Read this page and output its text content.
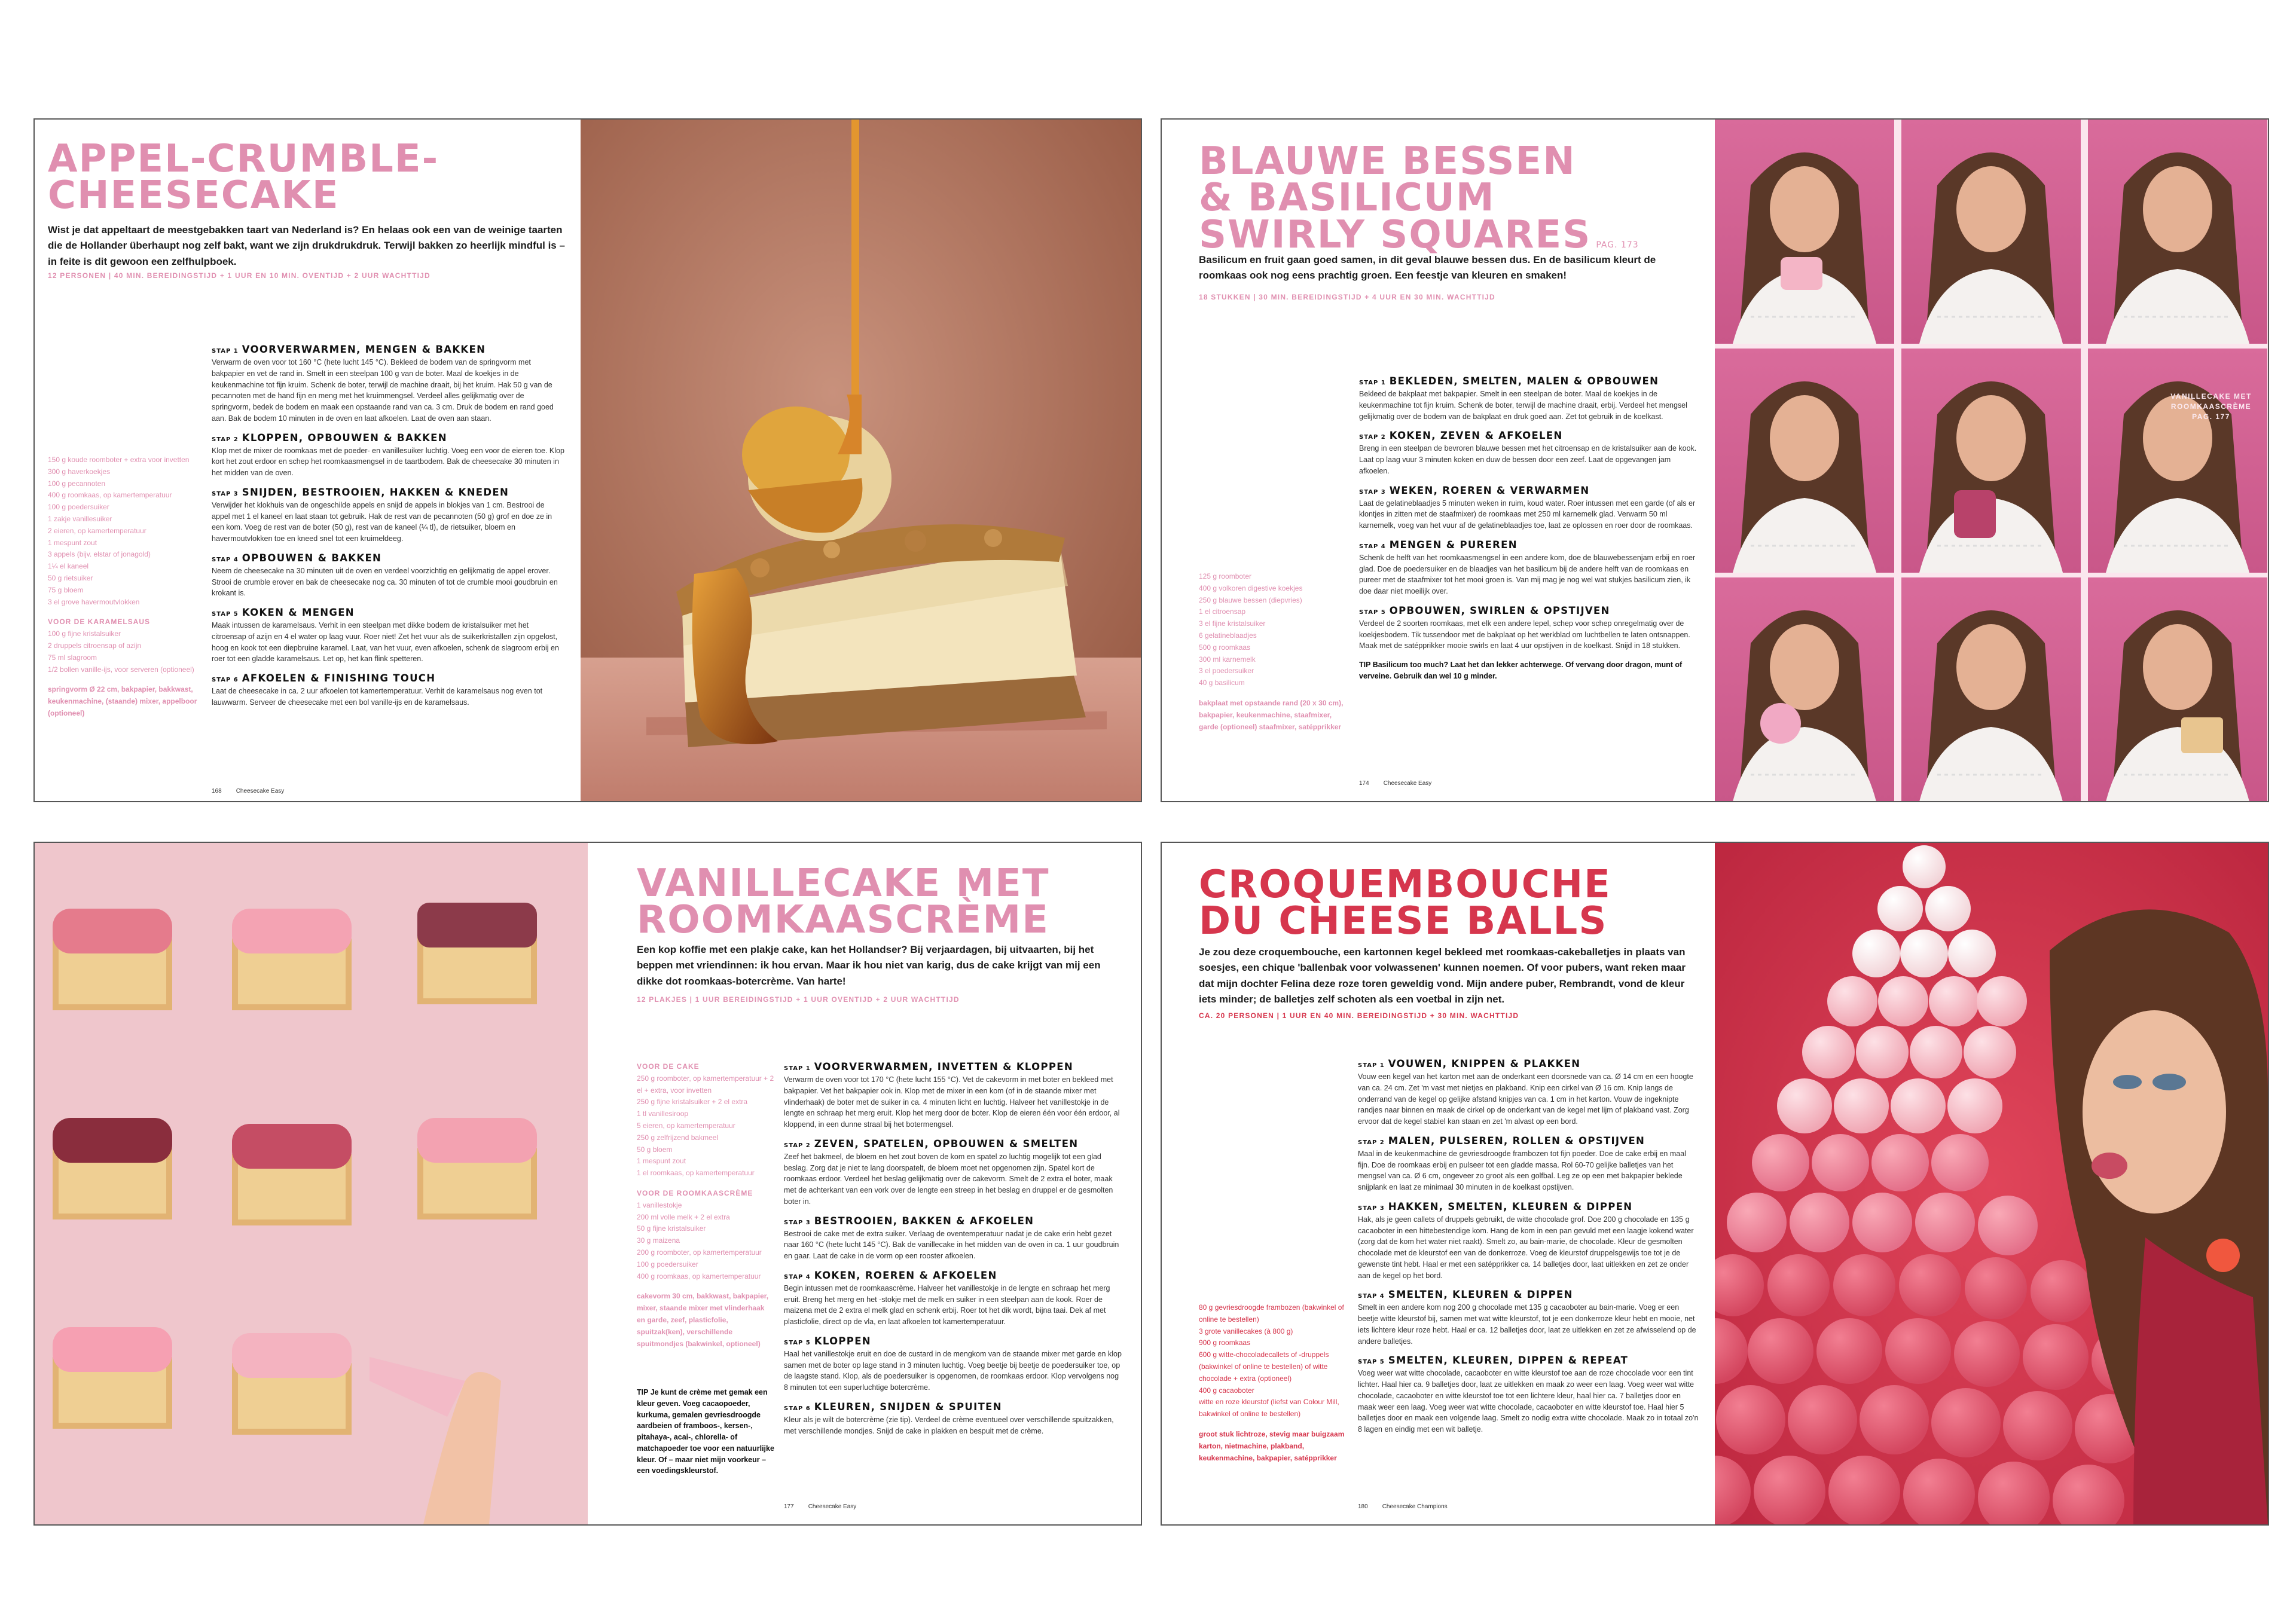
APPEL-CRUMBLE-
CHEESECAKE

Wist je dat appeltaart de meestgebakken taart van Nederland is? En helaas ook een van de weinige taarten die de Hollander überhaupt nog zelf bakt, want we zijn drukdrukdruk. Terwijl bakken zo heerlijk mindful is – in feite is dit gewoon een zelfhulpboek.

12 PERSONEN | 40 MIN. BEREIDINGSTIJD + 1 UUR EN 10 MIN. OVENTIJD + 2 UUR WACHTTIJD
150 g koude roomboter + extra voor invetten
300 g haverkoekjes
100 g pecannoten
400 g roomkaas, op kamertemperatuur
100 g poedersuiker
1 zakje vanillesuiker
2 eieren, op kamertemperatuur
1 mespunt zout
3 appels (bijv. elstar of jonagold)
1¼ el kaneel
50 g rietsuiker
75 g bloem
3 el grove havermoutvlokken
VOOR DE KARAMELSAUS
100 g fijne kristalsuiker
2 druppels citroensap of azijn
75 ml slagroom
1/2 bollen vanille-ijs, voor serveren (optioneel)
springvorm Ø 22 cm, bakpapier, bakkwast, keukenmachine, (staande) mixer, appelboor (optioneel)
STAP 1 VOORVERWARMEN, MENGEN & BAKKEN
Verwarm de oven voor tot 160 °C (hete lucht 145 °C). Bekleed de bodem van de springvorm met bakpapier en vet de rand in. Smelt in een steelpan 100 g van de boter. Maal de koekjes in de keukenmachine tot fijn kruim. Schenk de boter, terwijl de machine draait, bij het kruim. Hak 50 g van de pecannoten met de hand fijn en meng met het kruimmengsel. Verdeel alles gelijkmatig over de springvorm, bedek de bodem en maak een opstaande rand van ca. 3 cm. Druk de bodem en rand goed aan. Bak de bodem 10 minuten in de oven en laat afkoelen. Laat de oven aan staan.
STAP 2 KLOPPEN, OPBOUWEN & BAKKEN
Klop met de mixer de roomkaas met de poeder- en vanillesuiker luchtig. Voeg een voor de eieren toe. Klop kort het zout erdoor en schep het roomkaasmengsel in de taartbodem. Bak de cheesecake 30 minuten in het midden van de oven.
STAP 3 SNIJDEN, BESTROOIEN, HAKKEN & KNEDEN
Verwijder het klokhuis van de ongeschilde appels en snijd de appels in blokjes van 1 cm. Bestrooi de appel met 1 el kaneel en laat staan tot gebruik. Hak de rest van de pecannoten (50 g) grof en doe ze in een kom. Voeg de rest van de boter (50 g), rest van de kaneel (¼ tl), de rietsuiker, bloem en havermoutvlokken toe en kneed snel tot een kruimeldeeg.
STAP 4 OPBOUWEN & BAKKEN
Neem de cheesecake na 30 minuten uit de oven en verdeel voorzichtig en gelijkmatig de appel erover. Strooi de crumble erover en bak de cheesecake nog ca. 30 minuten of tot de crumble mooi goudbruin en krokant is.
STAP 5 KOKEN & MENGEN
Maak intussen de karamelsaus. Verhit in een steelpan met dikke bodem de kristalsuiker met het citroensap of azijn en 4 el water op laag vuur. Roer niet! Zet het vuur als de suikerkristallen zijn opgelost, hoog en kook tot een diepbruine karamel. Laat, van het vuur, even afkoelen, schenk de slagroom erbij en roer tot een gladde karamelsaus. Let op, het kan flink spetteren.
STAP 6 AFKOELEN & FINISHING TOUCH
Laat de cheesecake in ca. 2 uur afkoelen tot kamertemperatuur. Verhit de karamelsaus nog even tot lauwwarm. Serveer de cheesecake met een bol vanille-ijs en de karamelsaus.
168 Cheesecake Easy
BLAUWE BESSEN
& BASILICUM
SWIRLY SQUARES PAG. 173

Basilicum en fruit gaan goed samen, in dit geval blauwe bessen dus. En de basilicum kleurt de roomkaas ook nog eens prachtig groen. Een feestje van kleuren en smaken!

18 STUKKEN | 30 MIN. BEREIDINGSTIJD + 4 UUR EN 30 MIN. WACHTTIJD
125 g roomboter
400 g volkoren digestive koekjes
250 g blauwe bessen (diepvries)
1 el citroensap
3 el fijne kristalsuiker
6 gelatineblaadjes
500 g roomkaas
300 ml karnemelk
3 el poedersuiker
40 g basilicum
bakplaat met opstaande rand (20 x 30 cm), bakpapier, keukenmachine, staafmixer, garde (optioneel) staafmixer, satépprikker
STAP 1 BEKLEDEN, SMELTEN, MALEN & OPBOUWEN
Bekleed de bakplaat met bakpapier. Smelt in een steelpan de boter. Maal de koekjes in de keukenmachine tot fijn kruim. Schenk de boter, terwijl de machine draait, erbij. Verdeel het mengsel gelijkmatig over de bodem van de bakplaat en druk goed aan. Zet tot gebruik in de koelkast.
STAP 2 KOKEN, ZEVEN & AFKOELEN
Breng in een steelpan de bevroren blauwe bessen met het citroensap en de kristalsuiker aan de kook. Laat op laag vuur 3 minuten koken en duw de bessen door een zeef. Laat de opgevangen jam afkoelen.
STAP 3 WEKEN, ROEREN & VERWARMEN
Laat de gelatineblaadjes 5 minuten weken in ruim, koud water. Roer intussen met een garde (of als er klontjes in zitten met de staafmixer) de roomkaas met 250 ml karnemelk glad. Verwarm 50 ml karnemelk, voeg van het vuur af de gelatineblaadjes toe, laat ze oplossen en roer door de roomkaas.
STAP 4 MENGEN & PUREREN
Schenk de helft van het roomkaasmengsel in een andere kom, doe de blauwebessenjam erbij en roer glad. Doe de poedersuiker en de blaadjes van het basilicum bij de andere helft van de roomkaas en pureer met de staafmixer tot het mooi groen is. Van mij mag je nog wel wat stukjes basilicum zien, ik doe daar niet moeilijk over.
STAP 5 OPBOUWEN, SWIRLEN & OPSTIJVEN
Verdeel de 2 soorten roomkaas, met elk een andere lepel, schep voor schep onregelmatig over de koekjesbodem. Tik tussendoor met de bakplaat op het werkblad om luchtbellen te laten ontsnappen. Maak met de satépprikker mooie swirls en laat 4 uur opstijven in de koelkast. Snijd in 18 stukken.
TIP Basilicum too much? Laat het dan lekker achterwege. Of vervang door dragon, munt of verveine. Gebruik dan wel 10 g minder.
174 Cheesecake Easy
VANILLECAKE MET
ROOMKAASCRÈME
PAG. 177
VANILLECAKE MET
ROOMKAASCRÈME

Een kop koffie met een plakje cake, kan het Hollandser? Bij verjaardagen, bij uitvaarten, bij het beppen met vriendinnen: ik hou ervan. Maar ik hou niet van karig, dus de cake krijgt van mij een dikke dot roomkaas-botercrème. Van harte!

12 PLAKJES | 1 UUR BEREIDINGSTIJD + 1 UUR OVENTIJD + 2 UUR WACHTTIJD
VOOR DE CAKE
250 g roomboter, op kamertemperatuur + 2 el + extra, voor invetten
250 g fijne kristalsuiker + 2 el extra
1 tl vanillesiroop
5 eieren, op kamertemperatuur
250 g zelfrijzend bakmeel
50 g bloem
1 mespunt zout
1 el roomkaas, op kamertemperatuur
VOOR DE ROOMKAASCRÈME
1 vanillestokje
200 ml volle melk + 2 el extra
50 g fijne kristalsuiker
30 g maizena
200 g roomboter, op kamertemperatuur
100 g poedersuiker
400 g roomkaas, op kamertemperatuur
cakevorm 30 cm, bakkwast, bakpapier, mixer, staande mixer met vlinderhaak en garde, zeef, plasticfolie, spuitzak(ken), verschillende spuitmondjes (bakwinkel, optioneel)
TIP Je kunt de crème met gemak een kleur geven. Voeg cacaopoeder, kurkuma, gemalen gevriesdroogde aardbeien of framboos-, kersen-, pitahaya-, acai-, chlorella- of matchapoeder toe voor een natuurlijke kleur. Of – maar niet mijn voorkeur – een voedingskleurstof.
STAP 1 VOORVERWARMEN, INVETTEN & KLOPPEN
Verwarm de oven voor tot 170 °C (hete lucht 155 °C). Vet de cakevorm in met boter en bekleed met bakpapier. Vet het bakpapier ook in. Klop met de mixer in een kom (of in de staande mixer met vlinderhaak) de boter met de suiker in ca. 4 minuten licht en luchtig. Halveer het vanillestokje in de lengte en schraap het merg eruit. Klop het merg door de boter. Klop de eieren één voor één erdoor, al kloppend, in een dunne straal bij het botermengsel.
STAP 2 ZEVEN, SPATELEN, OPBOUWEN & SMELTEN
Zeef het bakmeel, de bloem en het zout boven de kom en spatel zo luchtig mogelijk tot een glad beslag. Zorg dat je niet te lang doorspatelt, de bloem moet net opgenomen zijn. Spatel kort de roomkaas erdoor. Verdeel het beslag gelijkmatig over de cakevorm. Smelt de 2 extra el boter, maak met de achterkant van een vork over de lengte een streep in het beslag en druppel er de gesmolten boter in.
STAP 3 BESTROOIEN, BAKKEN & AFKOELEN
Bestrooi de cake met de extra suiker. Verlaag de oventemperatuur nadat je de cake erin hebt gezet naar 160 °C (hete lucht 145 °C). Bak de vanillecake in het midden van de oven in ca. 1 uur goudbruin en gaar. Laat de cake in de vorm op een rooster afkoelen.
STAP 4 KOKEN, ROEREN & AFKOELEN
Begin intussen met de roomkaascrème. Halveer het vanillestokje in de lengte en schraap het merg eruit. Breng het merg en het -stokje met de melk en suiker in een steelpan aan de kook. Roer de maizena met de 2 extra el melk glad en schenk erbij. Roer tot het dik wordt, bijna taai. Dek af met plasticfolie, direct op de vla, en laat afkoelen tot kamertemperatuur.
STAP 5 KLOPPEN
Haal het vanillestokje eruit en doe de custard in de mengkom van de staande mixer met garde en klop samen met de boter op lage stand in 3 minuten luchtig. Voeg beetje bij beetje de poedersuiker toe, op de laagste stand. Klop, als de poedersuiker is opgenomen, de roomkaas erdoor. Klop vervolgens nog 8 minuten tot een superluchtige botercrème.
STAP 6 KLEUREN, SNIJDEN & SPUITEN
Kleur als je wilt de botercrème (zie tip). Verdeel de crème eventueel over verschillende spuitzakken, met verschillende mondjes. Snijd de cake in plakken en bespuit met de crème.
177 Cheesecake Easy
CROQUEMBOUCHE
DU CHEESE BALLS

Je zou deze croquembouche, een kartonnen kegel bekleed met roomkaas-cakeballetjes in plaats van soesjes, een chique 'ballenbak voor volwassenen' kunnen noemen. Of voor pubers, want reken maar dat mijn dochter Felina deze roze toren geweldig vond. Mijn andere puber, Rembrandt, vond de kleur iets minder; de balletjes zelf schoten als een voetbal in zijn net.

CA. 20 PERSONEN | 1 UUR EN 40 MIN. BEREIDINGSTIJD + 30 MIN. WACHTTIJD
80 g gevriesdroogde frambozen (bakwinkel of online te bestellen)
3 grote vanillecakes (à 800 g)
900 g roomkaas
600 g witte-chocoladecallets of -druppels (bakwinkel of online te bestellen) of witte chocolade + extra (optioneel)
400 g cacaoboter
witte en roze kleurstof (liefst van Colour Mill, bakwinkel of online te bestellen)
groot stuk lichtroze, stevig maar buigzaam karton, nietmachine, plakband, keukenmachine, bakpapier, satépprikker
STAP 1 VOUWEN, KNIPPEN & PLAKKEN
Vouw een kegel van het karton met aan de onderkant een doorsnede van ca. Ø 14 cm en een hoogte van ca. 24 cm. Zet 'm vast met nietjes en plakband. Knip een cirkel van Ø 16 cm. Knip langs de onderrand van de kegel op gelijke afstand knipjes van ca. 1 cm in het karton. Vouw de ingeknipte randjes naar binnen en maak de cirkel op de onderkant van de kegel met lijm of plakband vast. Zorg ervoor dat de kegel stabiel kan staan en zet 'm alvast op een bord.
STAP 2 MALEN, PULSEREN, ROLLEN & OPSTIJVEN
Maal in de keukenmachine de gevriesdroogde frambozen tot fijn poeder. Doe de cake erbij en maal fijn. Doe de roomkaas erbij en pulseer tot een gladde massa. Rol 60-70 gelijke balletjes van het mengsel van ca. Ø 6 cm, ongeveer zo groot als een golfbal. Leg ze op een met bakpapier beklede snijplank en laat ze minimaal 30 minuten in de koelkast opstijven.
STAP 3 HAKKEN, SMELTEN, KLEUREN & DIPPEN
Hak, als je geen callets of druppels gebruikt, de witte chocolade grof. Doe 200 g chocolade en 135 g cacaoboter in een hittebestendige kom. Hang de kom in een pan gevuld met een laagje kokend water (zorg dat de kom het water niet raakt). Smelt zo, au bain-marie, de chocolade. Kleur de gesmolten chocolade met de kleurstof een van de donkerroze. Voeg de kleurstof druppelsgewijs toe tot je de gewenste tint hebt. Haal er met een satépprikker ca. 14 balletjes door, laat uitlekken en zet ze onder aan de kegel op het bord.
STAP 4 SMELTEN, KLEUREN & DIPPEN
Smelt in een andere kom nog 200 g chocolade met 135 g cacaoboter au bain-marie. Voeg er een beetje witte kleurstof bij, samen met wat witte kleurstof, tot je een donkerroze kleur hebt en mooie, net iets lichtere kleur roze hebt. Haal er ca. 12 balletjes door, laat ze uitlekken en zet ze afwisselend op de andere balletjes.
STAP 5 SMELTEN, KLEUREN, DIPPEN & REPEAT
Voeg weer wat witte chocolade, cacaoboter en witte kleurstof toe aan de roze chocolade voor een tint lichter. Haal hier ca. 9 balletjes door, laat ze uitlekken en maak zo weer een laag. Voeg weer wat witte chocolade, cacaoboter en witte kleurstof toe tot een lichtere kleur, haal hier ca. 7 balletjes door en maak weer een laag. Voeg weer wat witte chocolade, cacaoboter en witte kleurstof toe. Haal hier 5 balletjes door en maak een volgende laag. Smelt zo nodig extra witte chocolade. Maak zo in totaal zo'n 8 lagen en eindig met een wit balletje.
180 Cheesecake Champions
